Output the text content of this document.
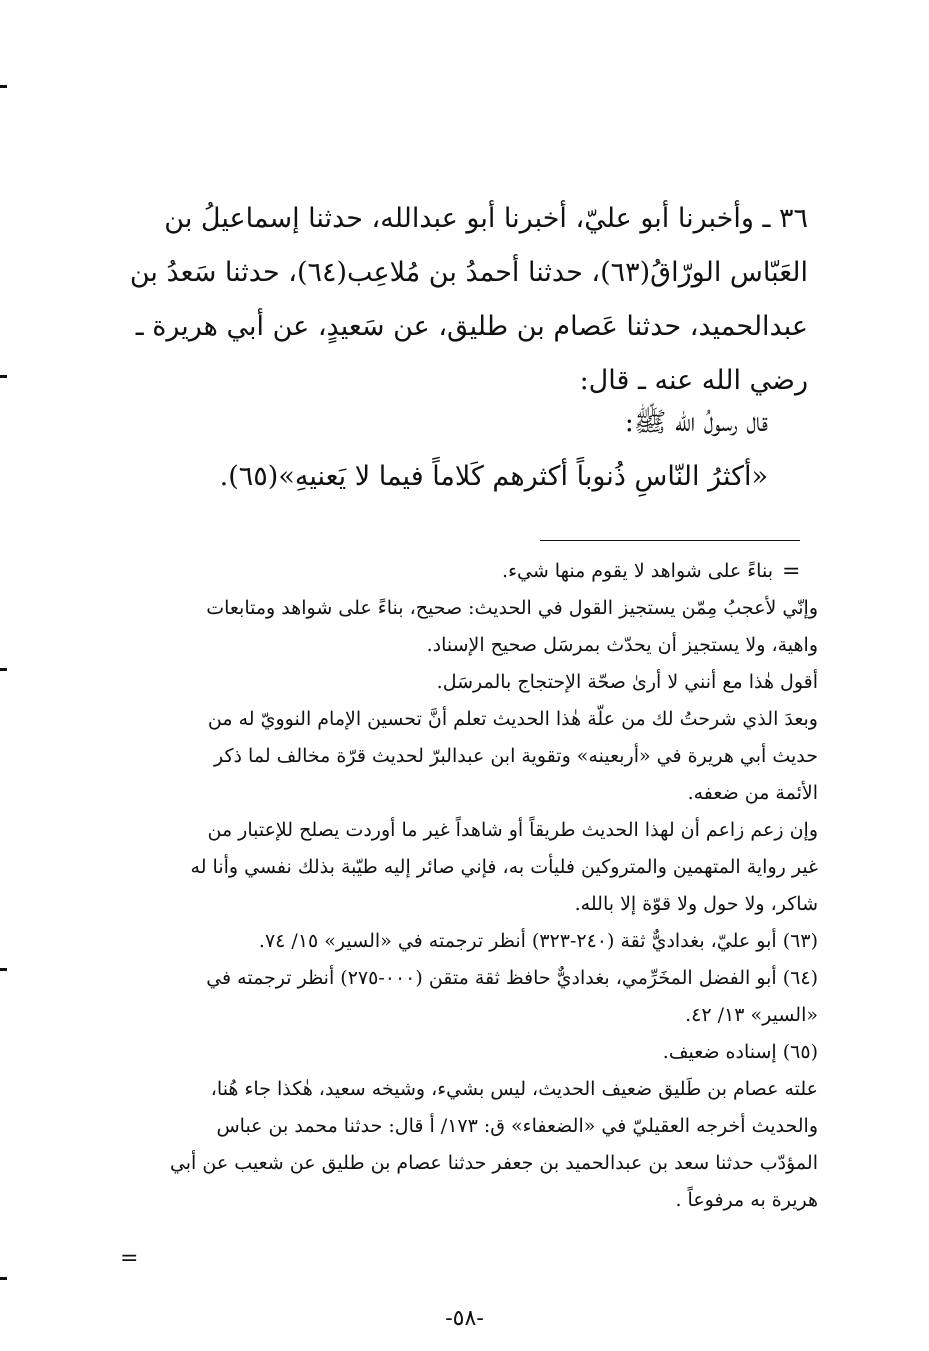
٣٦ ـ وأخبرنا أبو عليّ، أخبرنا أبو عبدالله، حدثنا إسماعيلُ بن
العَبّاس الورّاقُ(٦٣)، حدثنا أحمدُ بن مُلاعِب(٦٤)، حدثنا سَعدُ بن
عبدالحميد، حدثنا عَصام بن طليق، عن سَعيدٍ، عن أبي هريرة ـ
رضي الله عنه ـ قال:
قال رسولُ الله ﷺ:
«أكثرُ النّاسِ ذُنوباً أكثرهم كَلاماً فيما لا يَعنيهِ»(٦٥).
=
بناءً على شواهد لا يقوم منها شيء.
وإنّي لأعجبُ مِمّن يستجيز القول في الحديث: صحيح، بناءً على شواهد ومتابعات
واهية، ولا يستجيز أن يحدّث بمرسَل صحيح الإسناد.
أقول هٰذا مع أنني لا أرىٰ صحّة الإحتجاج بالمرسَل.
وبعدَ الذي شرحتُ لك من علّة هٰذا الحديث تعلم أنَّ تحسين الإمام النوويّ له من
حديث أبي هريرة في «أربعينه» وتقوية ابن عبدالبرّ لحديث قرّة مخالف لما ذكر
الأئمة من ضعفه.
وإن زعم زاعم أن لهذا الحديث طريقاً أو شاهداً غير ما أوردت يصلح للإعتبار من
غير رواية المتهمين والمتروكين فليأت به، فإني صائر إليه طيّبة بذلك نفسي وأنا له
شاكر، ولا حول ولا قوّة إلا بالله.
(٦٣) أبو عليّ، بغداديٌّ ثقة (٢٤٠-٣٢٣) أنظر ترجمته في «السير» ١٥/ ٧٤.
(٦٤) أبو الفضل المخَرِّمي، بغداديٌّ حافظ ثقة متقن (٠٠٠-٢٧٥) أنظر ترجمته في
«السير» ١٣/ ٤٢.
(٦٥) إسناده ضعيف.
علته عصام بن طَليق ضعيف الحديث، ليس بشيء، وشيخه سعيد، هٰكذا جاء هُنا،
والحديث أخرجه العقيليّ في «الضعفاء» ق: ١٧٣/ أ قال: حدثنا محمد بن عباس
المؤدّب حدثنا سعد بن عبدالحميد بن جعفر حدثنا عصام بن طليق عن شعيب عن أبي
هريرة به مرفوعاً .
=
-٥٨-
